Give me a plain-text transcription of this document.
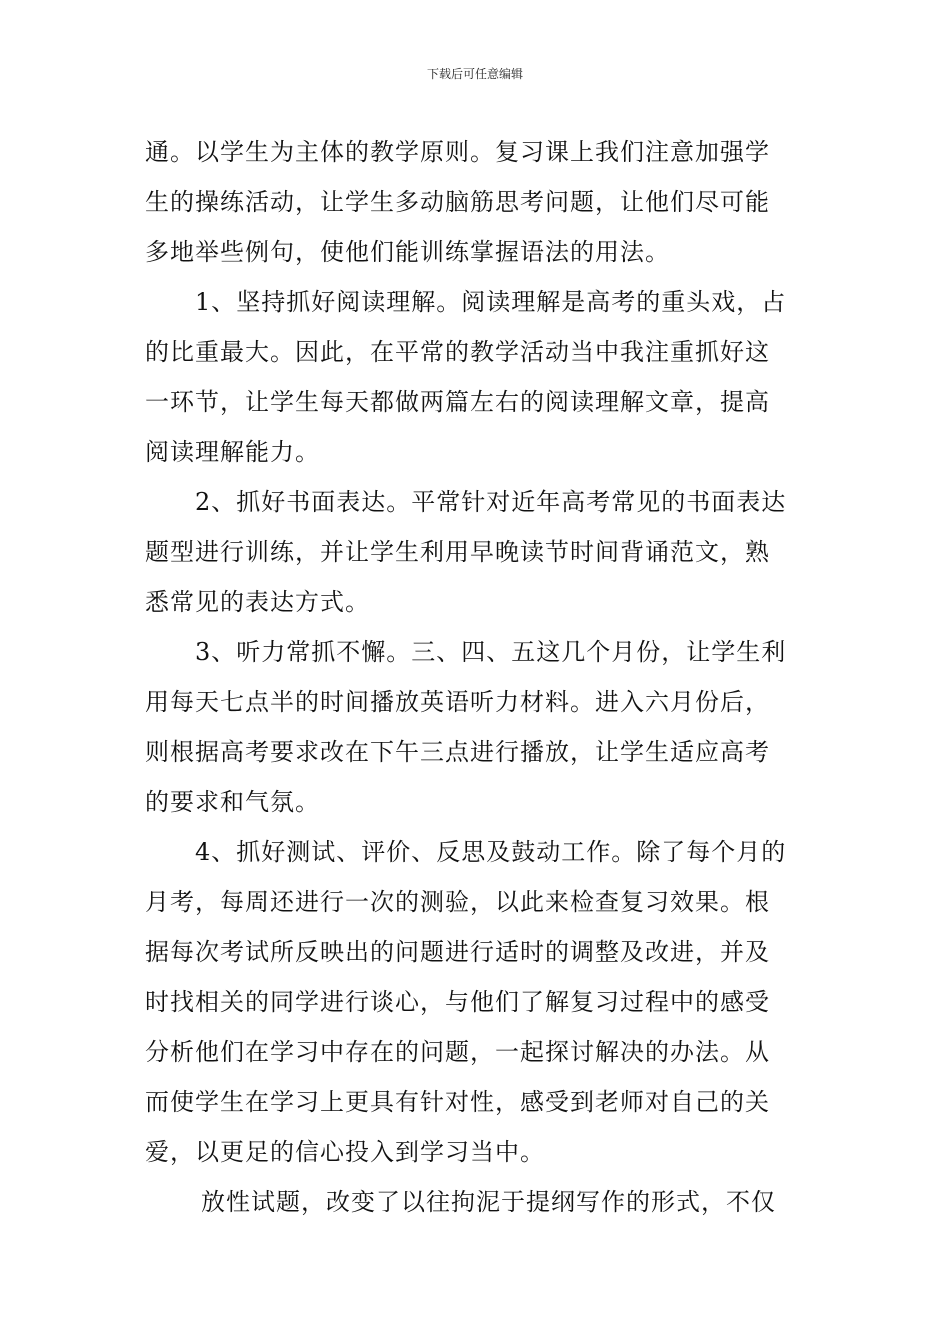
下载后可任意编辑
通。以学生为主体的教学原则。复习课上我们注意加强学
生的操练活动，让学生多动脑筋思考问题，让他们尽可能
多地举些例句，使他们能训练掌握语法的用法。
1、坚持抓好阅读理解。阅读理解是高考的重头戏，占
的比重最大。因此，在平常的教学活动当中我注重抓好这
一环节，让学生每天都做两篇左右的阅读理解文章，提高
阅读理解能力。
2、抓好书面表达。平常针对近年高考常见的书面表达
题型进行训练，并让学生利用早晚读节时间背诵范文，熟
悉常见的表达方式。
3、听力常抓不懈。三、四、五这几个月份，让学生利
用每天七点半的时间播放英语听力材料。进入六月份后，
则根据高考要求改在下午三点进行播放，让学生适应高考
的要求和气氛。
4、抓好测试、评价、反思及鼓动工作。除了每个月的
月考，每周还进行一次的测验，以此来检查复习效果。根
据每次考试所反映出的问题进行适时的调整及改进，并及
时找相关的同学进行谈心，与他们了解复习过程中的感受
分析他们在学习中存在的问题，一起探讨解决的办法。从
而使学生在学习上更具有针对性，感受到老师对自己的关
爱，以更足的信心投入到学习当中。
放性试题，改变了以往拘泥于提纲写作的形式，不仅
